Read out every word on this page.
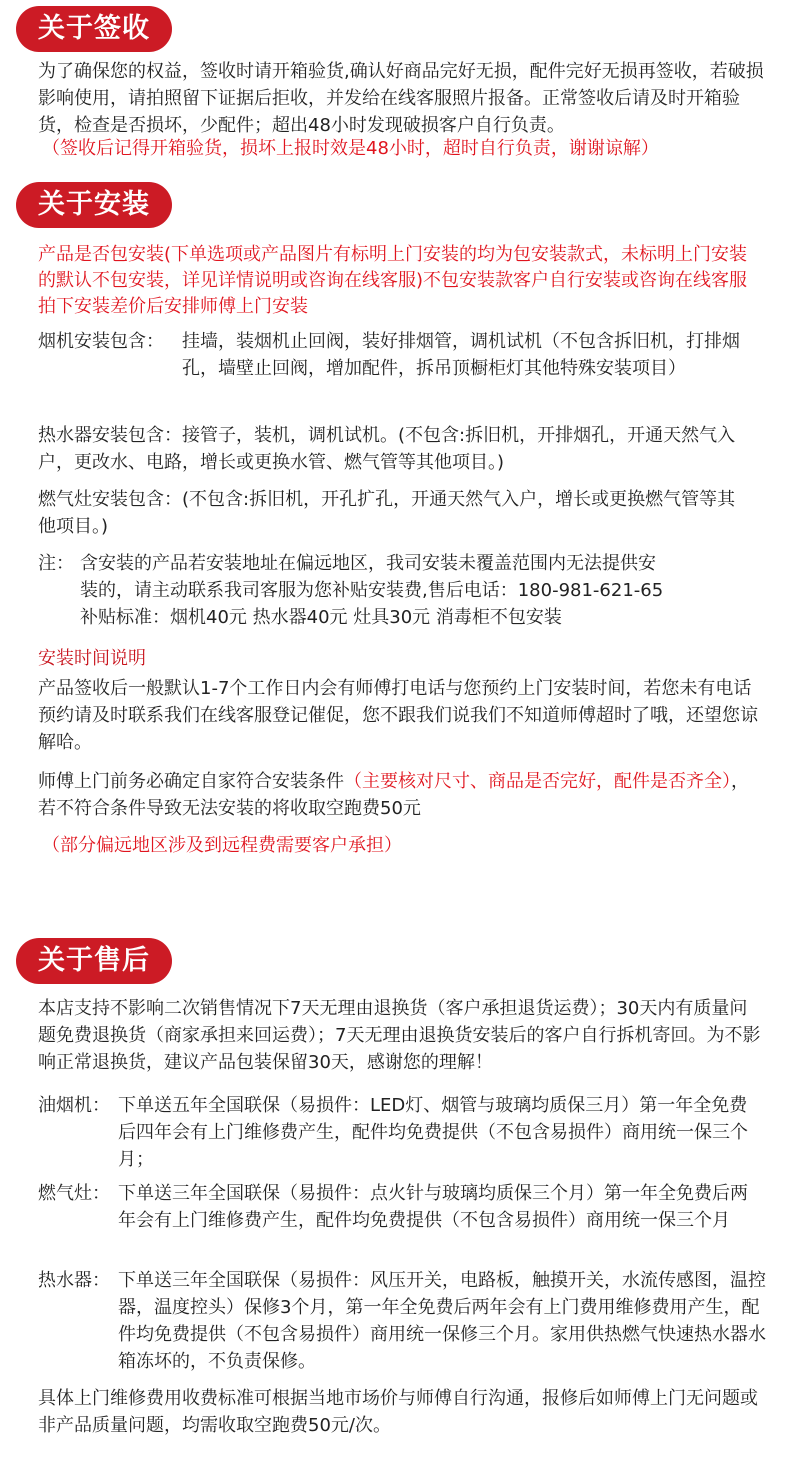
关于签收
为了确保您的权益，签收时请开箱验货,确认好商品完好无损，配件完好无损再签收，若破损影响使用，请拍照留下证据后拒收，并发给在线客服照片报备。正常签收后请及时开箱验货，检查是否损坏，少配件；超出48小时发现破损客户自行负责。
（签收后记得开箱验货，损坏上报时效是48小时，超时自行负责，谢谢谅解）
关于安装
产品是否包安装(下单选项或产品图片有标明上门安装的均为包安装款式，未标明上门安装的默认不包安装，详见详情说明或咨询在线客服)不包安装款客户自行安装或咨询在线客服拍下安装差价后安排师傅上门安装
烟机安装包含： 挂墙，装烟机止回阀，装好排烟管，调机试机（不包含拆旧机，打排烟孔，墙壁止回阀，增加配件，拆吊顶橱柜灯其他特殊安装项目）
热水器安装包含：接管子，装机，调机试机。(不包含:拆旧机，开排烟孔，开通天然气入户，更改水、电路，增长或更换水管、燃气管等其他项目。)
燃气灶安装包含：(不包含:拆旧机，开孔扩孔，开通天然气入户，增长或更换燃气管等其他项目。)
注： 含安装的产品若安装地址在偏远地区，我司安装未覆盖范围内无法提供安

装的，请主动联系我司客服为您补贴安装费,售后电话：180-981-621-65

补贴标准：烟机40元 热水器40元 灶具30元 消毒柜不包安装

安装时间说明
产品签收后一般默认1-7个工作日内会有师傅打电话与您预约上门安装时间，若您未有电话预约请及时联系我们在线客服登记催促，您不跟我们说我们不知道师傅超时了哦，还望您谅解哈。
师傅上门前务必确定自家符合安装条件（主要核对尺寸、商品是否完好，配件是否齐全），若不符合条件导致无法安装的将收取空跑费50元
（部分偏远地区涉及到远程费需要客户承担）
关于售后
本店支持不影响二次销售情况下7天无理由退换货（客户承担退货运费）；30天内有质量问题免费退换货（商家承担来回运费）；7天无理由退换货安装后的客户自行拆机寄回。为不影响正常退换货，建议产品包装保留30天，感谢您的理解！
油烟机： 下单送五年全国联保（易损件：LED灯、烟管与玻璃均质保三月）第一年全免费后四年会有上门维修费产生，配件均免费提供（不包含易损件）商用统一保三个月；
燃气灶： 下单送三年全国联保（易损件：点火针与玻璃均质保三个月）第一年全免费后两年会有上门维修费产生，配件均免费提供（不包含易损件）商用统一保三个月
热水器： 下单送三年全国联保（易损件：风压开关，电路板，触摸开关，水流传感图，温控器，温度控头）保修3个月，第一年全免费后两年会有上门费用维修费用产生，配件均免费提供（不包含易损件）商用统一保修三个月。家用供热燃气快速热水器水箱冻坏的，不负责保修。
具体上门维修费用收费标准可根据当地市场价与师傅自行沟通，报修后如师傅上门无问题或非产品质量问题，均需收取空跑费50元/次。
